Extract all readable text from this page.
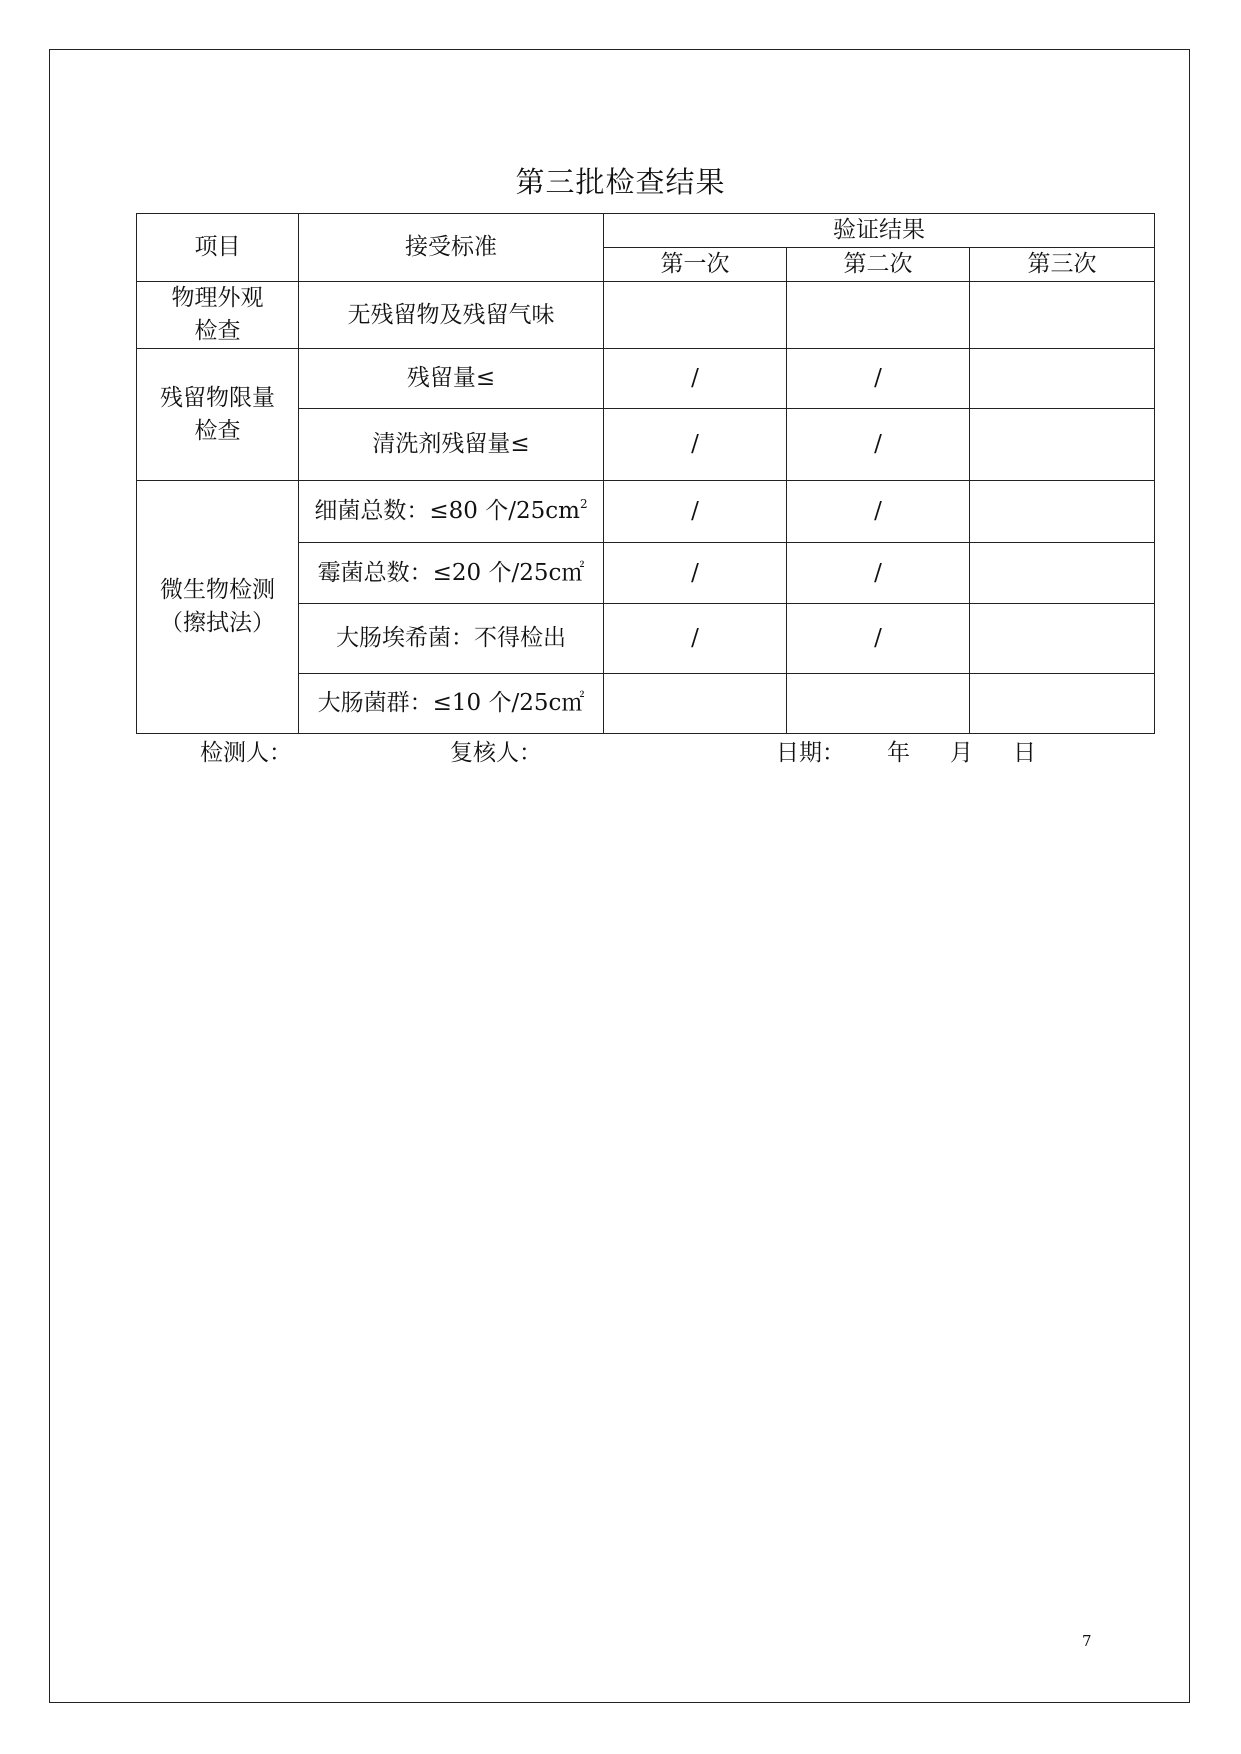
第三批检查结果
项目	接受标准	验证结果		
		第一次	第二次	第三次

物理外观
检查	无残留物及残留气味			

残留物限量
检查	残留量≤	/	/	
	清洗剂残留量≤	/	/	

微生物检测
（擦拭法）	细菌总数：≤80 个$/25cm^2$	/	/	
	霉菌总数：≤20 个/25c㎡	/	/	
	大肠埃希菌：不得检出	/	/	
	大肠菌群：≤10 个/25c㎡			
检测人：	复核人：	日期： 年 月 日
7
